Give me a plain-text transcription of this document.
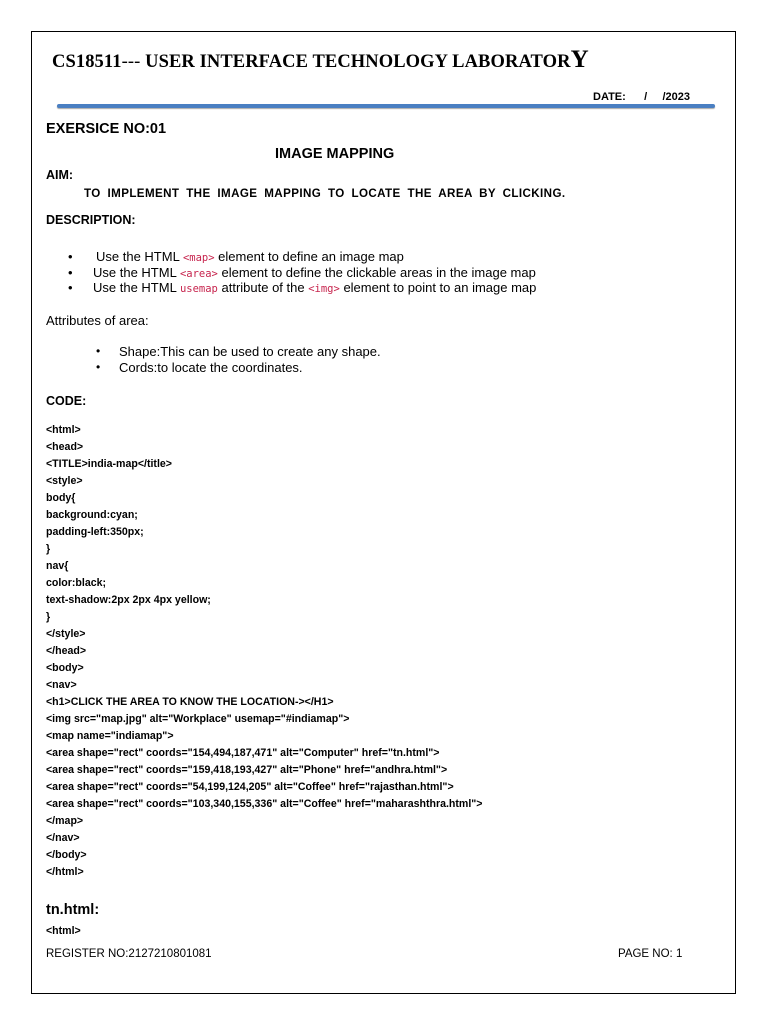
CS18511--- USER INTERFACE TECHNOLOGY LABORATORY
DATE: / /2023
EXERSICE NO:01
IMAGE MAPPING
AIM:
TO IMPLEMENT THE IMAGE MAPPING TO LOCATE THE AREA BY CLICKING.
DESCRIPTION:
• Use the HTML <map> element to define an image map
• Use the HTML <area> element to define the clickable areas in the image map
• Use the HTML usemap attribute of the <img> element to point to an image map
Attributes of area:
• Shape:This can be used to create any shape.
• Cords:to locate the coordinates.
CODE:
<html>
<head>
<TITLE>india-map</title>
<style>
body{
background:cyan;
padding-left:350px;
}
nav{
color:black;
text-shadow:2px 2px 4px yellow;
}
</style>
</head>
<body>
<nav>
<h1>CLICK THE AREA TO KNOW THE LOCATION-></H1>
<img src="map.jpg" alt="Workplace" usemap="#indiamap">
<map name="indiamap">
<area shape="rect" coords="154,494,187,471" alt="Computer" href="tn.html">
<area shape="rect" coords="159,418,193,427" alt="Phone" href="andhra.html">
<area shape="rect" coords="54,199,124,205" alt="Coffee" href="rajasthan.html">
<area shape="rect" coords="103,340,155,336" alt="Coffee" href="maharashthra.html">
</map>
</nav>
</body>
</html>
tn.html:
<html>
REGISTER NO:2127210801081	PAGE NO: 1
